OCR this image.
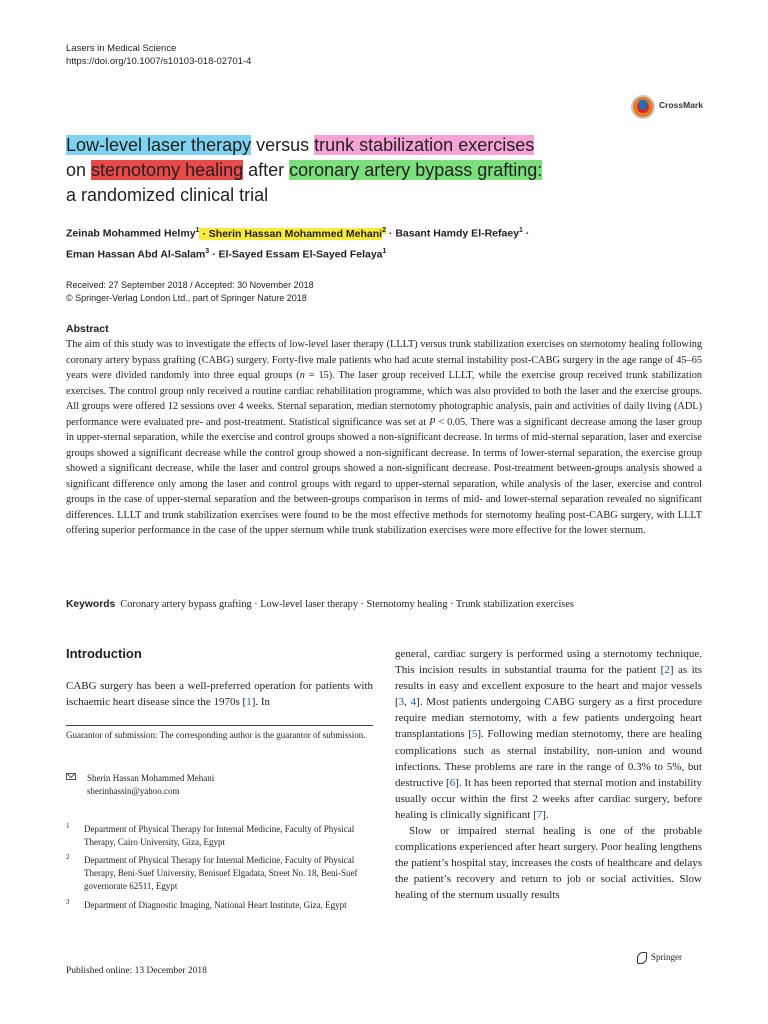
Lasers in Medical Science
https://doi.org/10.1007/s10103-018-02701-4
CrossMark
Low-level laser therapy versus trunk stabilization exercises
on sternotomy healing after coronary artery bypass grafting:
a randomized clinical trial
Zeinab Mohammed Helmy$^1$ · Sherin Hassan Mohammed Mehani$^2$ · Basant Hamdy El-Refaey$^1$ ·
Eman Hassan Abd Al-Salam$^3$ · El-Sayed Essam El-Sayed Felaya$^1$
Received: 27 September 2018 / Accepted: 30 November 2018
© Springer-Verlag London Ltd., part of Springer Nature 2018
Abstract
The aim of this study was to investigate the effects of low-level laser therapy (LLLT) versus trunk stabilization exercises on sternotomy healing following coronary artery bypass grafting (CABG) surgery. Forty-five male patients who had acute sternal instability post-CABG surgery in the age range of 45–65 years were divided randomly into three equal groups (n = 15). The laser group received LLLT, while the exercise group received trunk stabilization exercises. The control group only received a routine cardiac rehabilitation programme, which was also provided to both the laser and the exercise groups. All groups were offered 12 sessions over 4 weeks. Sternal separation, median sternotomy photographic analysis, pain and activities of daily living (ADL) performance were evaluated pre- and post-treatment. Statistical significance was set at P < 0.05. There was a significant decrease among the laser group in upper-sternal separation, while the exercise and control groups showed a non-significant decrease. In terms of mid-sternal separation, laser and exercise groups showed a significant decrease while the control group showed a non-significant decrease. In terms of lower-sternal separation, the exercise group showed a significant decrease, while the laser and control groups showed a non-significant decrease. Post-treatment between-groups analysis showed a significant difference only among the laser and control groups with regard to upper-sternal separation, while analysis of the laser, exercise and control groups in the case of upper-sternal separation and the between-groups comparison in terms of mid- and lower-sternal separation revealed no significant differences. LLLT and trunk stabilization exercises were found to be the most effective methods for sternotomy healing post-CABG surgery, with LLLT offering superior performance in the case of the upper sternum while trunk stabilization exercises were more effective for the lower sternum.
Keywords Coronary artery bypass grafting · Low-level laser therapy · Sternotomy healing · Trunk stabilization exercises
Introduction
CABG surgery has been a well-preferred operation for patients with ischaemic heart disease since the 1970s [1]. In
Guarantor of submission: The corresponding author is the guarantor of submission.
Sherin Hassan Mohammed Mehani
sherinhassin@yahoo.com
1 Department of Physical Therapy for Internal Medicine, Faculty of Physical Therapy, Cairo University, Giza, Egypt
2 Department of Physical Therapy for Internal Medicine, Faculty of Physical Therapy, Beni-Suef University, Benisuef Elgadata, Street No. 18, Beni-Suef governorate 62511, Egypt
3 Department of Diagnostic Imaging, National Heart Institute, Giza, Egypt
Published online: 13 December 2018

general, cardiac surgery is performed using a sternotomy technique. This incision results in substantial trauma for the patient [2] as its results in easy and excellent exposure to the heart and major vessels [3, 4]. Most patients undergoing CABG surgery as a first procedure require median sternotomy, with a few patients undergoing heart transplantations [5]. Following median sternotomy, there are healing complications such as sternal instability, non-union and wound infections. These problems are rare in the range of 0.3% to 5%, but destructive [6]. It has been reported that sternal motion and instability usually occur within the first 2 weeks after cardiac surgery, before healing is clinically significant [7].

Slow or impaired sternal healing is one of the probable complications experienced after heart surgery. Poor healing lengthens the patient’s hospital stay, increases the costs of healthcare and delays the patient’s recovery and return to job or social activities. Slow healing of the sternum usually results

Springer
